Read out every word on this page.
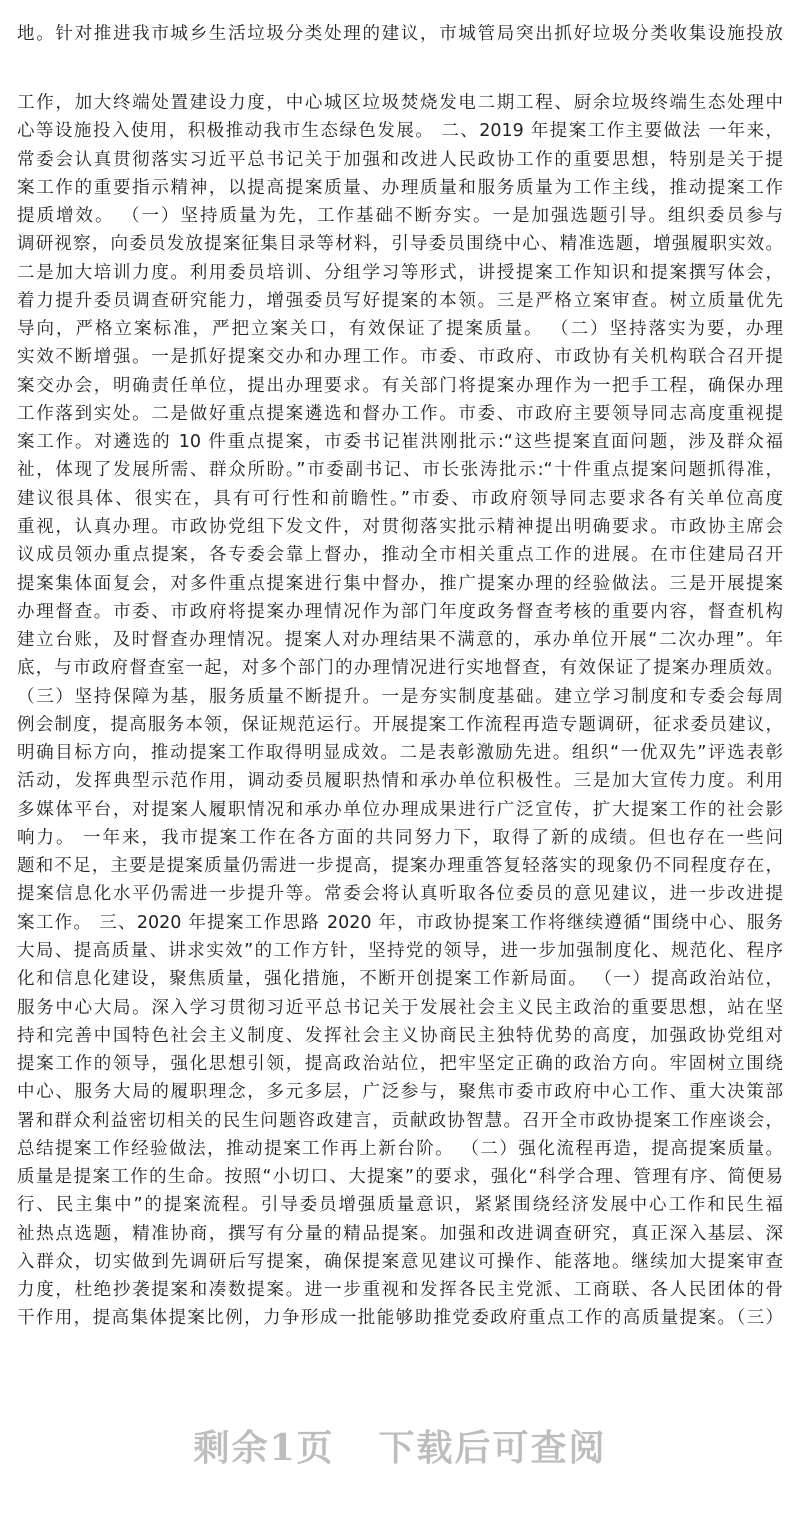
地。针对推进我市城乡生活垃圾分类处理的建议，市城管局突出抓好垃圾分类收集设施投放
工作，加大终端处置建设力度，中心城区垃圾焚烧发电二期工程、厨余垃圾终端生态处理中
心等设施投入使用，积极推动我市生态绿色发展。 二、2019 年提案工作主要做法 一年来，
常委会认真贯彻落实习近平总书记关于加强和改进人民政协工作的重要思想，特别是关于提
案工作的重要指示精神，以提高提案质量、办理质量和服务质量为工作主线，推动提案工作
提质增效。 （一）坚持质量为先，工作基础不断夯实。一是加强选题引导。组织委员参与
调研视察，向委员发放提案征集目录等材料，引导委员围绕中心、精准选题，增强履职实效。
二是加大培训力度。利用委员培训、分组学习等形式，讲授提案工作知识和提案撰写体会，
着力提升委员调查研究能力，增强委员写好提案的本领。三是严格立案审查。树立质量优先
导向，严格立案标准，严把立案关口，有效保证了提案质量。 （二）坚持落实为要，办理
实效不断增强。一是抓好提案交办和办理工作。市委、市政府、市政协有关机构联合召开提
案交办会，明确责任单位，提出办理要求。有关部门将提案办理作为一把手工程，确保办理
工作落到实处。二是做好重点提案遴选和督办工作。市委、市政府主要领导同志高度重视提
案工作。对遴选的 10 件重点提案，市委书记崔洪刚批示:“这些提案直面问题，涉及群众福
祉，体现了发展所需、群众所盼。”市委副书记、市长张涛批示:“十件重点提案问题抓得准，
建议很具体、很实在，具有可行性和前瞻性。”市委、市政府领导同志要求各有关单位高度
重视，认真办理。市政协党组下发文件，对贯彻落实批示精神提出明确要求。市政协主席会
议成员领办重点提案，各专委会靠上督办，推动全市相关重点工作的进展。在市住建局召开
提案集体面复会，对多件重点提案进行集中督办，推广提案办理的经验做法。三是开展提案
办理督查。市委、市政府将提案办理情况作为部门年度政务督查考核的重要内容，督查机构
建立台账，及时督查办理情况。提案人对办理结果不满意的，承办单位开展“二次办理”。年
底，与市政府督查室一起，对多个部门的办理情况进行实地督查，有效保证了提案办理质效。
（三）坚持保障为基，服务质量不断提升。一是夯实制度基础。建立学习制度和专委会每周
例会制度，提高服务本领，保证规范运行。开展提案工作流程再造专题调研，征求委员建议，
明确目标方向，推动提案工作取得明显成效。二是表彰激励先进。组织“一优双先”评选表彰
活动，发挥典型示范作用，调动委员履职热情和承办单位积极性。三是加大宣传力度。利用
多媒体平台，对提案人履职情况和承办单位办理成果进行广泛宣传，扩大提案工作的社会影
响力。 一年来，我市提案工作在各方面的共同努力下，取得了新的成绩。但也存在一些问
题和不足，主要是提案质量仍需进一步提高，提案办理重答复轻落实的现象仍不同程度存在，
提案信息化水平仍需进一步提升等。常委会将认真听取各位委员的意见建议，进一步改进提
案工作。 三、2020 年提案工作思路 2020 年，市政协提案工作将继续遵循“围绕中心、服务
大局、提高质量、讲求实效”的工作方针，坚持党的领导，进一步加强制度化、规范化、程序
化和信息化建设，聚焦质量，强化措施，不断开创提案工作新局面。 （一）提高政治站位，
服务中心大局。深入学习贯彻习近平总书记关于发展社会主义民主政治的重要思想，站在坚
持和完善中国特色社会主义制度、发挥社会主义协商民主独特优势的高度，加强政协党组对
提案工作的领导，强化思想引领，提高政治站位，把牢坚定正确的政治方向。牢固树立围绕
中心、服务大局的履职理念，多元多层，广泛参与，聚焦市委市政府中心工作、重大决策部
署和群众利益密切相关的民生问题咨政建言，贡献政协智慧。召开全市政协提案工作座谈会，
总结提案工作经验做法，推动提案工作再上新台阶。 （二）强化流程再造，提高提案质量。
质量是提案工作的生命。按照“小切口、大提案”的要求，强化“科学合理、管理有序、简便易
行、民主集中”的提案流程。引导委员增强质量意识，紧紧围绕经济发展中心工作和民生福
祉热点选题，精准协商，撰写有分量的精品提案。加强和改进调查研究，真正深入基层、深
入群众，切实做到先调研后写提案，确保提案意见建议可操作、能落地。继续加大提案审查
力度，杜绝抄袭提案和凑数提案。进一步重视和发挥各民主党派、工商联、各人民团体的骨
干作用，提高集体提案比例，力争形成一批能够助推党委政府重点工作的高质量提案。（三）
剩余1页 下载后可查阅
